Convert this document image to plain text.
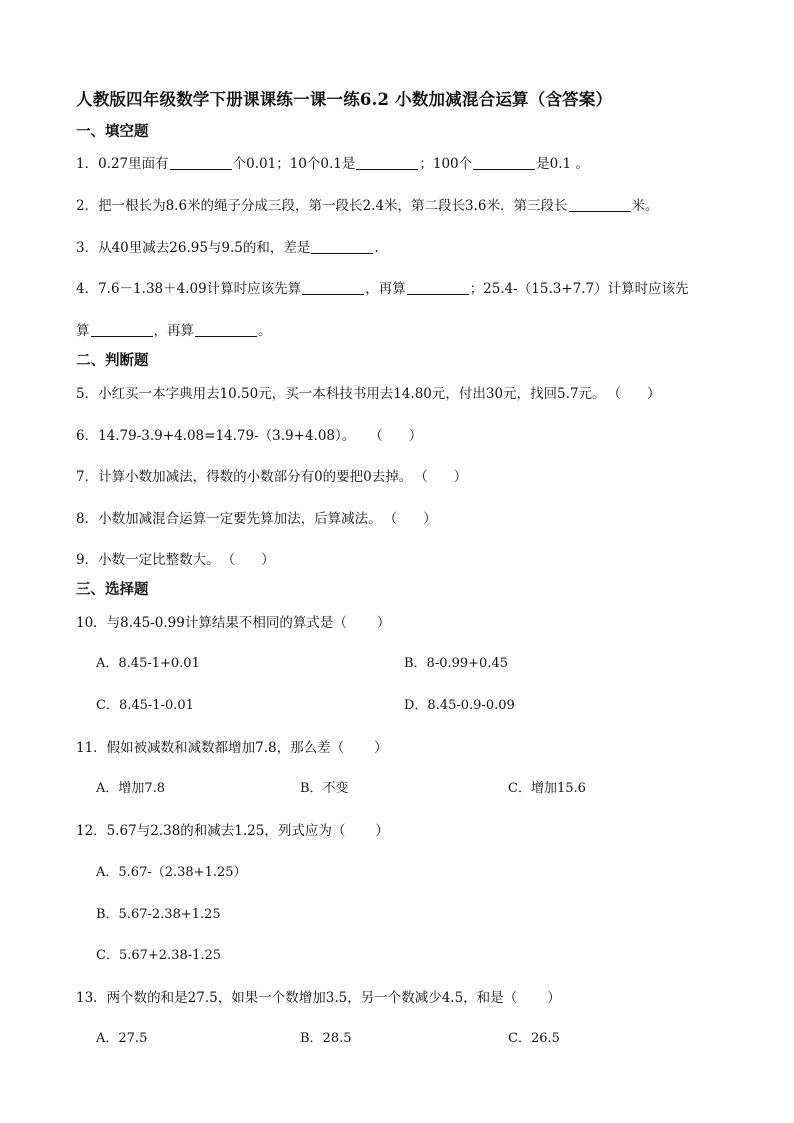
人教版四年级数学下册课课练一课一练6.2 小数加减混合运算（含答案）
一、填空题
1．0.27里面有	个0.01；10个0.1是	；100个	是0.1 。
2．把一根长为8.6米的绳子分成三段，第一段长2.4米，第二段长3.6米．第三段长	米。
3．从40里减去26.95与9.5的和，差是	.
4．7.6－1.38＋4.09计算时应该先算	，再算	；25.4-（15.3+7.7）计算时应该先
算	，再算	。
二、判断题
5．小红买一本字典用去10.50元，买一本科技书用去14.80元，付出30元，找回5.7元。 （ ）
6．14.79-3.9+4.08=14.79-（3.9+4.08）。 （ ）
7．计算小数加减法，得数的小数部分有0的要把0去掉。 （ ）
8．小数加减混合运算一定要先算加法，后算减法。 （ ）
9．小数一定比整数大。 （ ）
三、选择题
10．与8.45-0.99计算结果不相同的算式是（ ）
A．8.45-1+0.01	B．8-0.99+0.45
C．8.45-1-0.01	D．8.45-0.9-0.09
11．假如被减数和减数都增加7.8，那么差（ ）
A．增加7.8	B．不变	C．增加15.6
12．5.67与2.38的和减去1.25，列式应为（ ）
A．5.67-（2.38+1.25）
B．5.67-2.38+1.25
C．5.67+2.38-1.25
13．两个数的和是27.5，如果一个数增加3.5，另一个数减少4.5，和是（ ）
A．27.5	B．28.5	C．26.5
